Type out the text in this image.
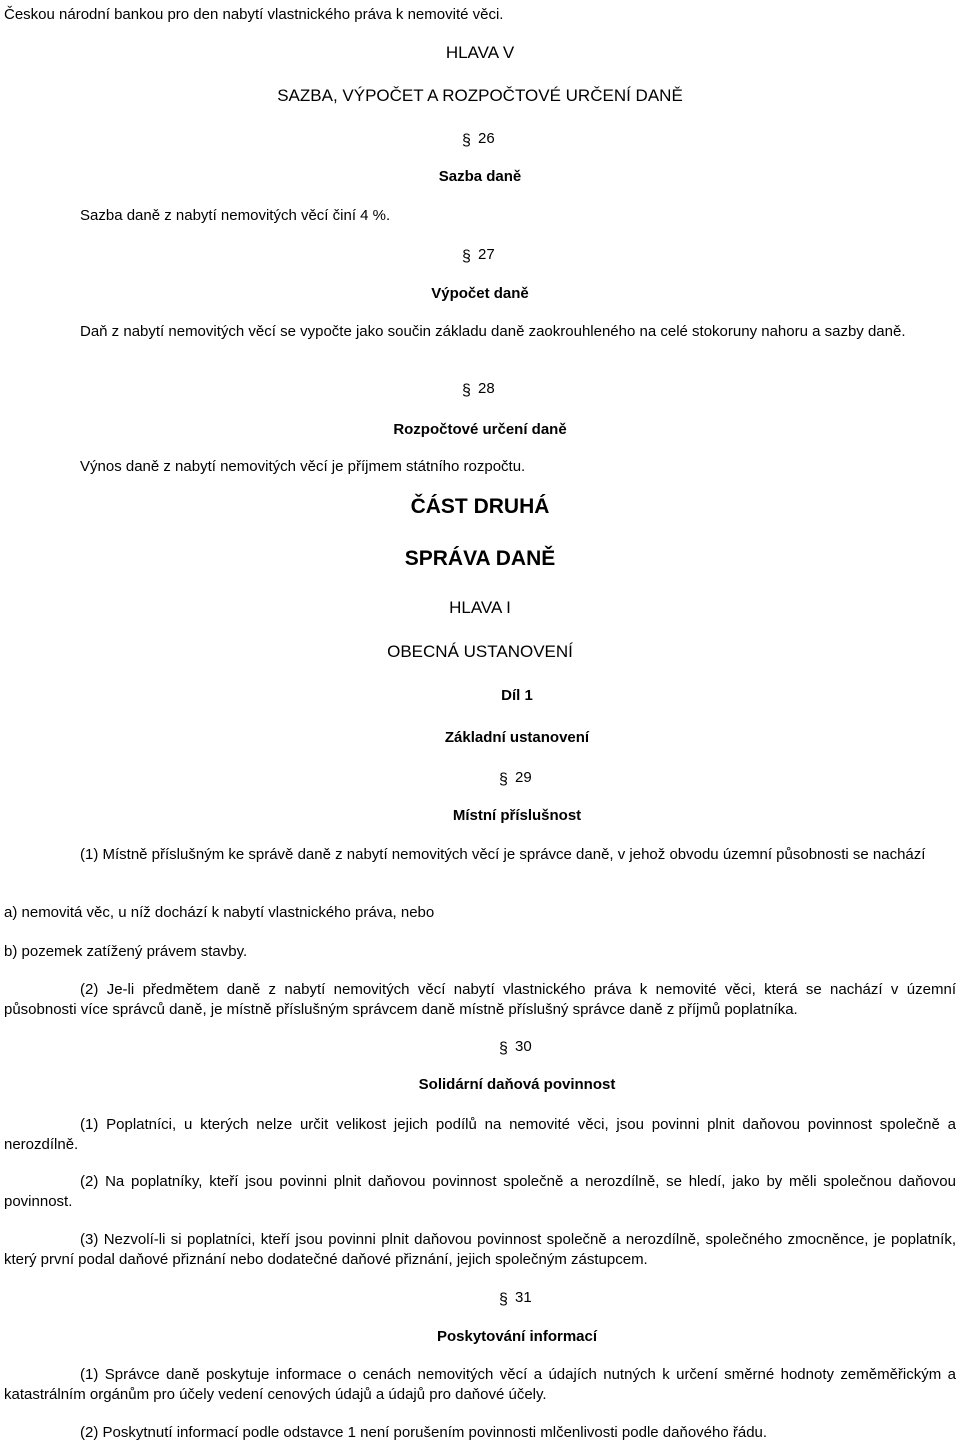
Českou národní bankou pro den nabytí vlastnického práva k nemovité věci.
HLAVA V
SAZBA, VÝPOČET A ROZPOČTOVÉ URČENÍ DANĚ
§ 26
Sazba daně
Sazba daně z nabytí nemovitých věcí činí 4 %.
§ 27
Výpočet daně
Daň z nabytí nemovitých věcí se vypočte jako součin základu daně zaokrouhleného na celé stokoruny nahoru a sazby daně.
§ 28
Rozpočtové určení daně
Výnos daně z nabytí nemovitých věcí je příjmem státního rozpočtu.
ČÁST DRUHÁ
SPRÁVA DANĚ
HLAVA I
OBECNÁ USTANOVENÍ
Díl 1
Základní ustanovení
§ 29
Místní příslušnost
(1) Místně příslušným ke správě daně z nabytí nemovitých věcí je správce daně, v jehož obvodu územní působnosti se nachází
a) nemovitá věc, u níž dochází k nabytí vlastnického práva, nebo
b) pozemek zatížený právem stavby.
(2) Je-li předmětem daně z nabytí nemovitých věcí nabytí vlastnického práva k nemovité věci, která se nachází v územní působnosti více správců daně, je místně příslušným správcem daně místně příslušný správce daně z příjmů poplatníka.
§ 30
Solidární daňová povinnost
(1) Poplatníci, u kterých nelze určit velikost jejich podílů na nemovité věci, jsou povinni plnit daňovou povinnost společně a nerozdílně.
(2) Na poplatníky, kteří jsou povinni plnit daňovou povinnost společně a nerozdílně, se hledí, jako by měli společnou daňovou povinnost.
(3) Nezvolí-li si poplatníci, kteří jsou povinni plnit daňovou povinnost společně a nerozdílně, společného zmocněnce, je poplatník, který první podal daňové přiznání nebo dodatečné daňové přiznání, jejich společným zástupcem.
§ 31
Poskytování informací
(1) Správce daně poskytuje informace o cenách nemovitých věcí a údajích nutných k určení směrné hodnoty zeměměřickým a katastrálním orgánům pro účely vedení cenových údajů a údajů pro daňové účely.
(2) Poskytnutí informací podle odstavce 1 není porušením povinnosti mlčenlivosti podle daňového řádu.
